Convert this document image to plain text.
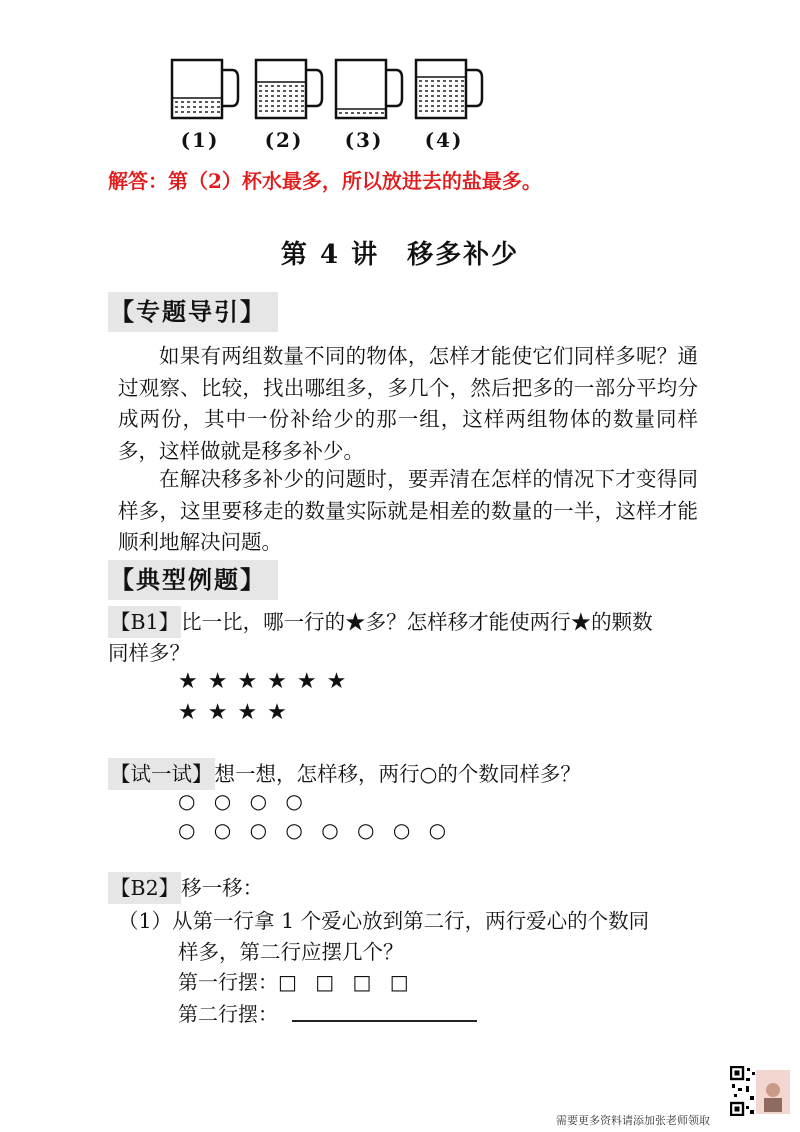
(1)	(2)	(3)	(4)
解答：第（2）杯水最多，所以放进去的盐最多。
第 4 讲　移多补少
【专题导引】

如果有两组数量不同的物体，怎样才能使它们同样多呢？通过观察、比较，找出哪组多，多几个，然后把多的一部分平均分成两份，其中一份补给少的那一组，这样两组物体的数量同样多，这样做就是移多补少。

在解决移多补少的问题时，要弄清在怎样的情况下才变得同样多，这里要移走的数量实际就是相差的数量的一半，这样才能顺利地解决问题。

【典型例题】
【B1】比一比，哪一行的★多？怎样移才能使两行★的颗数
同样多？
★★★★★★
★★★★
【试一试】想一想，怎样移，两行○的个数同样多？
○ ○ ○ ○
○ ○ ○ ○ ○ ○ ○ ○
【B2】移一移：
（1）从第一行拿 1 个爱心放到第二行，两行爱心的个数同
样多，第二行应摆几个？
第一行摆：□ □ □ □
第二行摆：
需要更多资料请添加张老师领取
